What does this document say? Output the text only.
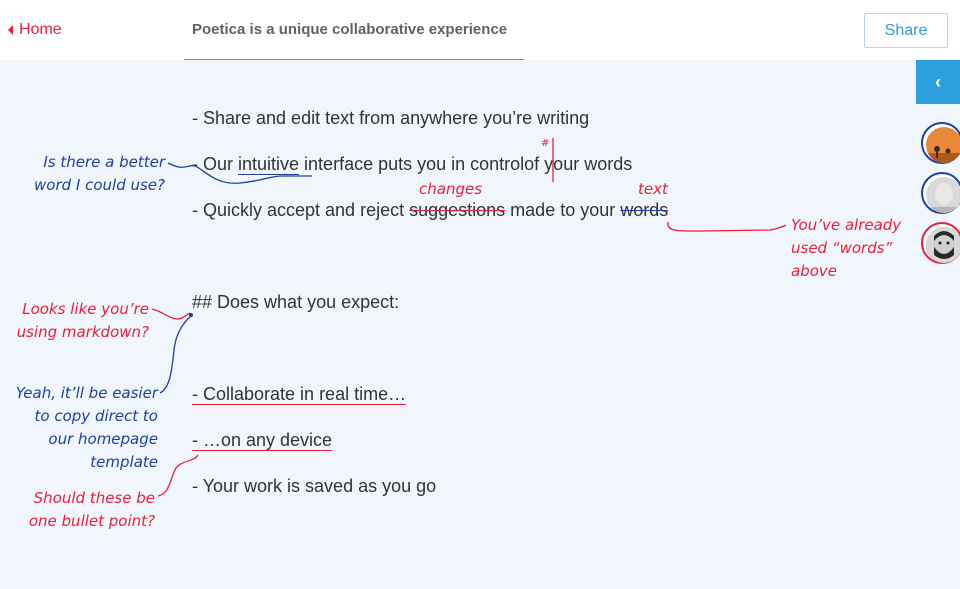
Home	Poetica is a unique collaborative experience	Share
‹
- Share and edit text from anywhere you’re writing
- Our intuitive interface puts you in controlof your words
- Quickly accept and reject suggestions made to your words
## Does what you expect:
- Collaborate in real time…
- …on any device
- Your work is saved as you go
Is there a better
word I could use?
#
changes	text
You’ve already
used “words”
above
Looks like you’re
using markdown?
Yeah, it’ll be easier
to copy direct to
our homepage
template
Should these be
one bullet point?
